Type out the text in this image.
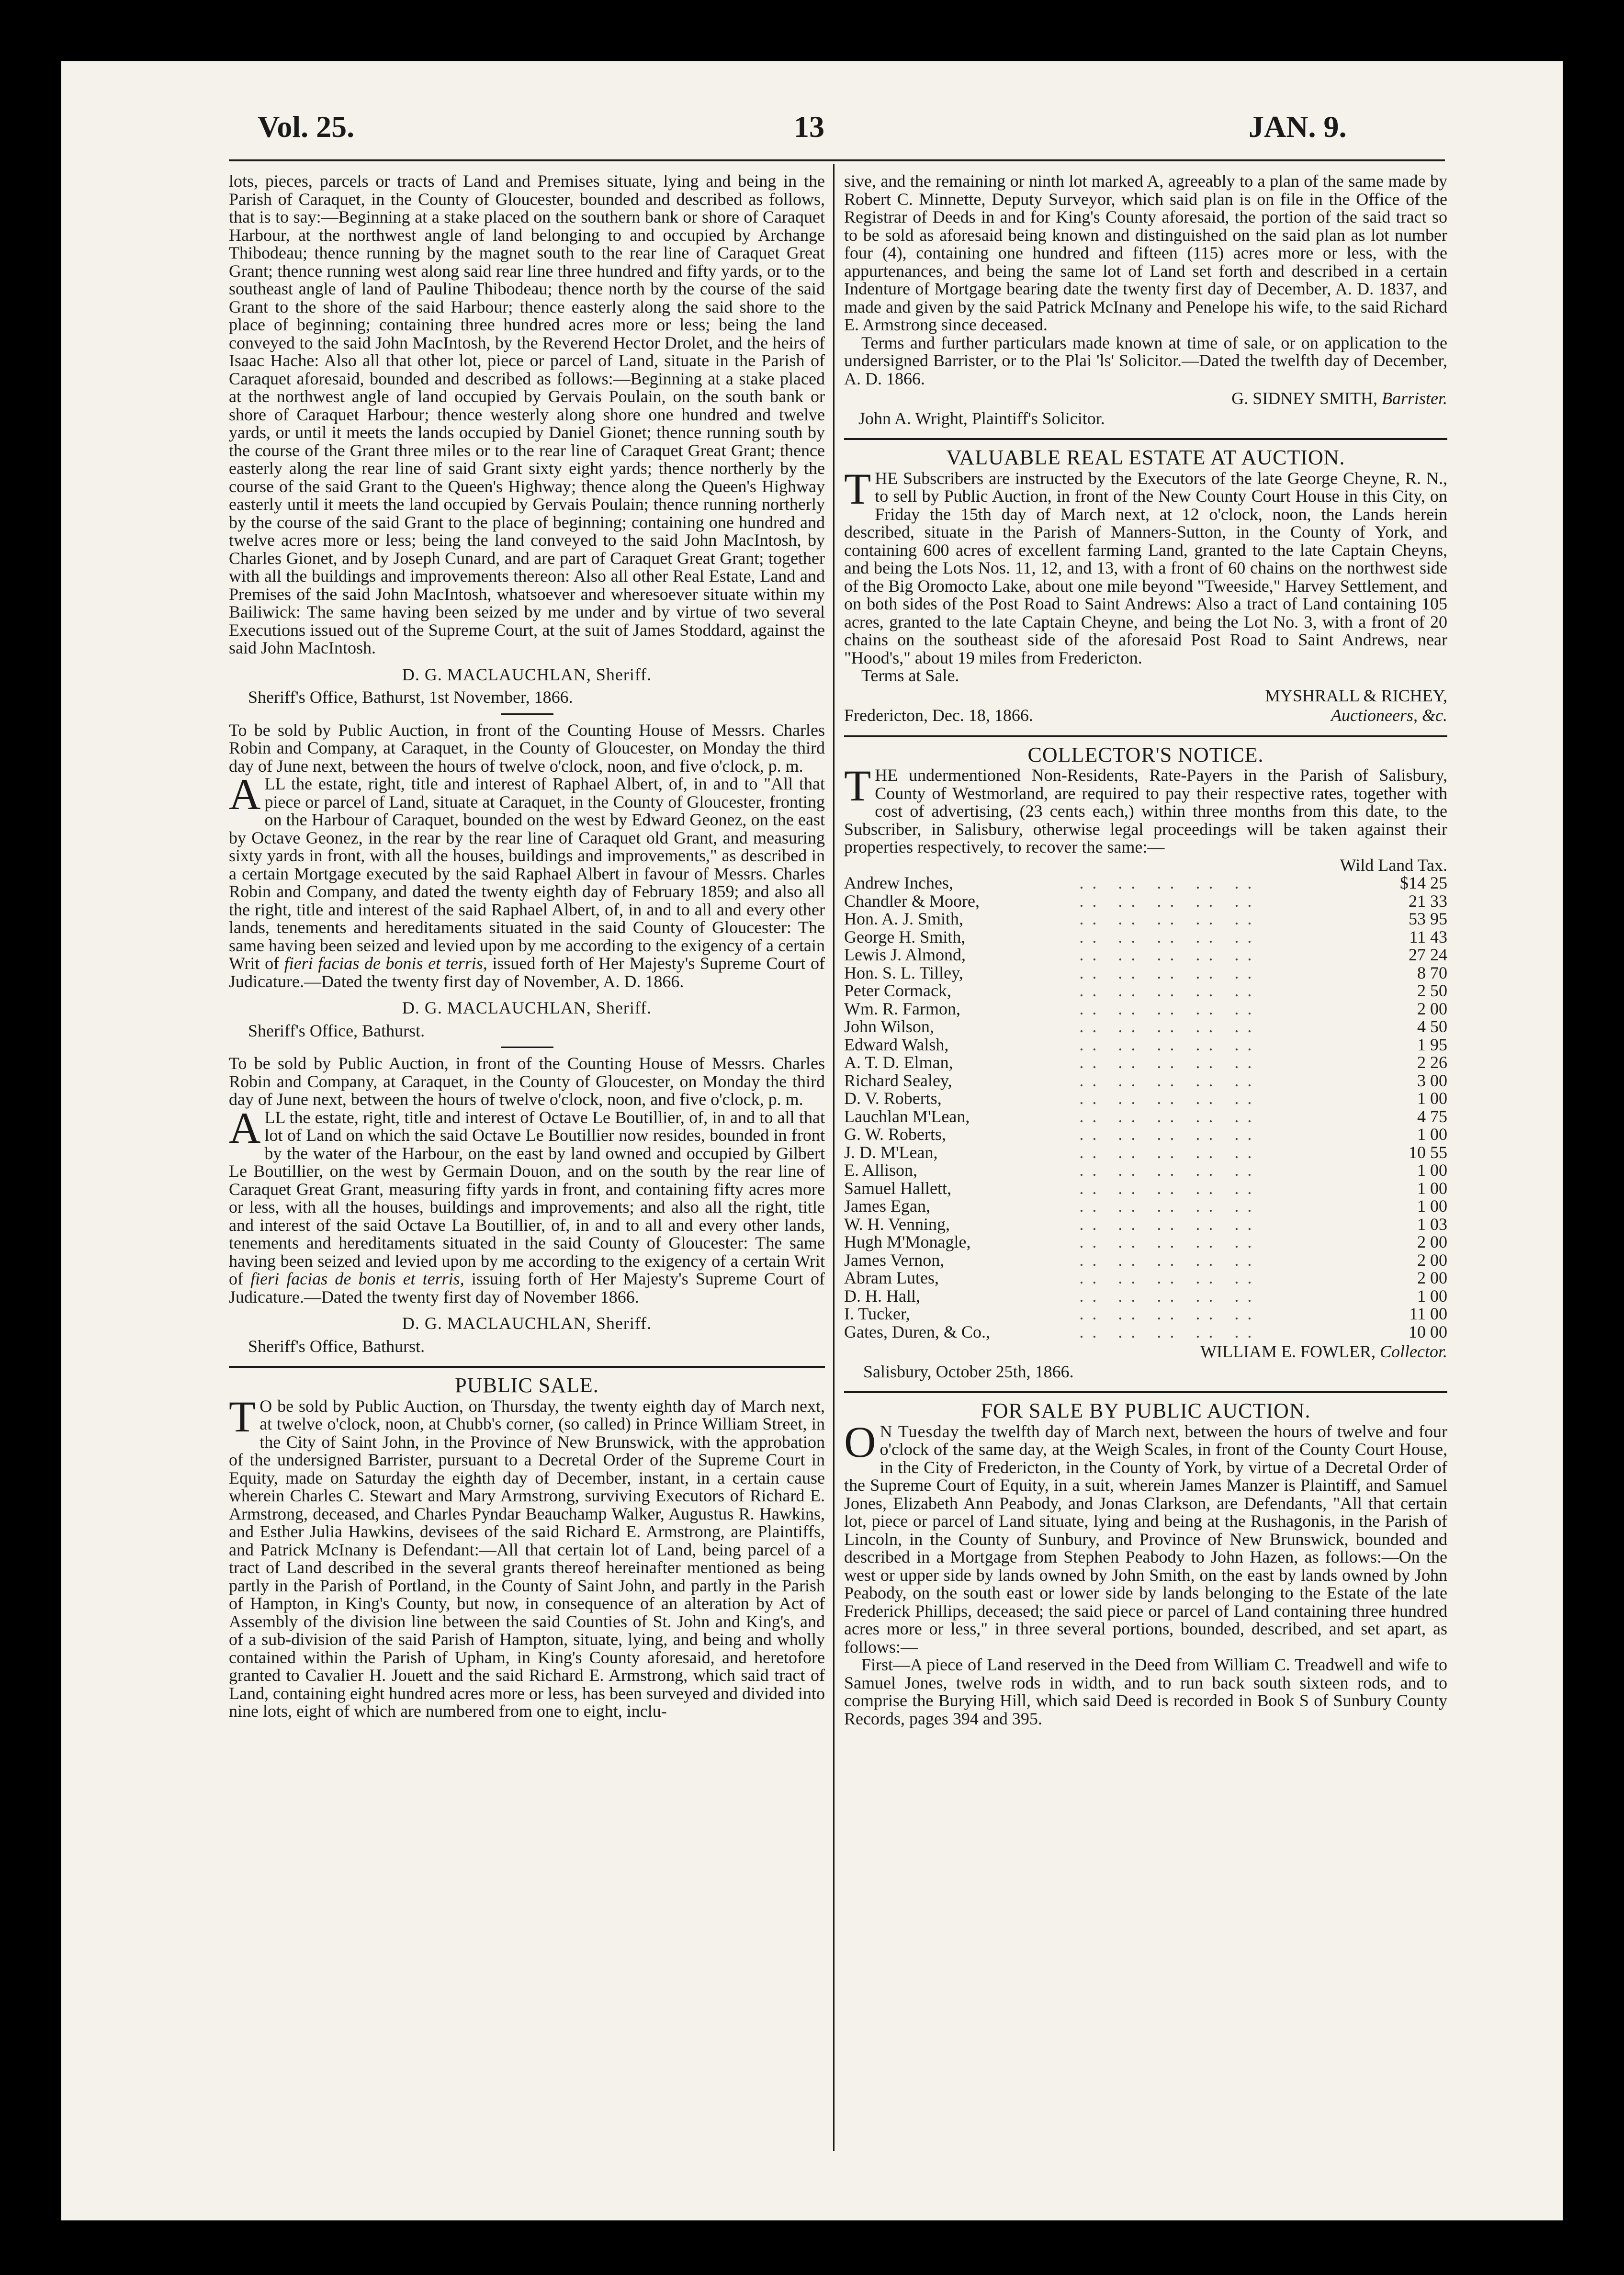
Vol. 25.	13	JAN. 9.

lots, pieces, parcels or tracts of Land and Premises situate, lying and being in the Parish of Caraquet, in the County of Gloucester, bounded and described as follows, that is to say:—Beginning at a stake placed on the southern bank or shore of Caraquet Harbour, at the northwest angle of land belonging to and occupied by Archange Thibodeau; thence running by the magnet south to the rear line of Caraquet Great Grant; thence running west along said rear line three hundred and fifty yards, or to the southeast angle of land of Pauline Thibodeau; thence north by the course of the said Grant to the shore of the said Harbour; thence easterly along the said shore to the place of beginning; containing three hundred acres more or less; being the land conveyed to the said John MacIntosh, by the Reverend Hector Drolet, and the heirs of Isaac Hache: Also all that other lot, piece or parcel of Land, situate in the Parish of Caraquet aforesaid, bounded and described as follows:—Beginning at a stake placed at the northwest angle of land occupied by Gervais Poulain, on the south bank or shore of Caraquet Harbour; thence westerly along shore one hundred and twelve yards, or until it meets the lands occupied by Daniel Gionet; thence running south by the course of the Grant three miles or to the rear line of Caraquet Great Grant; thence easterly along the rear line of said Grant sixty eight yards; thence northerly by the course of the said Grant to the Queen's Highway; thence along the Queen's Highway easterly until it meets the land occupied by Gervais Poulain; thence running northerly by the course of the said Grant to the place of beginning; containing one hundred and twelve acres more or less; being the land conveyed to the said John MacIntosh, by Charles Gionet, and by Joseph Cunard, and are part of Caraquet Great Grant; together with all the buildings and improvements thereon: Also all other Real Estate, Land and Premises of the said John MacIntosh, whatsoever and wheresoever situate within my Bailiwick: The same having been seized by me under and by virtue of two several Executions issued out of the Supreme Court, at the suit of James Stoddard, against the said John MacIntosh.

D. G. MACLAUCHLAN, Sheriff.

Sheriff's Office, Bathurst, 1st November, 1866.

To be sold by Public Auction, in front of the Counting House of Messrs. Charles Robin and Company, at Caraquet, in the County of Gloucester, on Monday the third day of June next, between the hours of twelve o'clock, noon, and five o'clock, p. m.

ALL the estate, right, title and interest of Raphael Albert, of, in and to "All that piece or parcel of Land, situate at Caraquet, in the County of Gloucester, fronting on the Harbour of Caraquet, bounded on the west by Edward Geonez, on the east by Octave Geonez, in the rear by the rear line of Caraquet old Grant, and measuring sixty yards in front, with all the houses, buildings and improvements," as described in a certain Mortgage executed by the said Raphael Albert in favour of Messrs. Charles Robin and Company, and dated the twenty eighth day of February 1859; and also all the right, title and interest of the said Raphael Albert, of, in and to all and every other lands, tenements and hereditaments situated in the said County of Gloucester: The same having been seized and levied upon by me according to the exigency of a certain Writ of fieri facias de bonis et terris, issued forth of Her Majesty's Supreme Court of Judicature.—Dated the twenty first day of November, A. D. 1866.

D. G. MACLAUCHLAN, Sheriff.

Sheriff's Office, Bathurst.

To be sold by Public Auction, in front of the Counting House of Messrs. Charles Robin and Company, at Caraquet, in the County of Gloucester, on Monday the third day of June next, between the hours of twelve o'clock, noon, and five o'clock, p. m.

ALL the estate, right, title and interest of Octave Le Boutillier, of, in and to all that lot of Land on which the said Octave Le Boutillier now resides, bounded in front by the water of the Harbour, on the east by land owned and occupied by Gilbert Le Boutillier, on the west by Germain Douon, and on the south by the rear line of Caraquet Great Grant, measuring fifty yards in front, and containing fifty acres more or less, with all the houses, buildings and improvements; and also all the right, title and interest of the said Octave La Boutillier, of, in and to all and every other lands, tenements and hereditaments situated in the said County of Gloucester: The same having been seized and levied upon by me according to the exigency of a certain Writ of fieri facias de bonis et terris, issuing forth of Her Majesty's Supreme Court of Judicature.—Dated the twenty first day of November 1866.

D. G. MACLAUCHLAN, Sheriff.

Sheriff's Office, Bathurst.

PUBLIC SALE.

T O be sold by Public Auction, on Thursday, the twenty eighth day of March next, at twelve o'clock, noon, at Chubb's corner, (so called) in Prince William Street, in the City of Saint John, in the Province of New Brunswick, with the approbation of the undersigned Barrister, pursuant to a Decretal Order of the Supreme Court in Equity, made on Saturday the eighth day of December, instant, in a certain cause wherein Charles C. Stewart and Mary Armstrong, surviving Executors of Richard E. Armstrong, deceased, and Charles Pyndar Beauchamp Walker, Augustus R. Hawkins, and Esther Julia Hawkins, devisees of the said Richard E. Armstrong, are Plaintiffs, and Patrick McInany is Defendant:—All that certain lot of Land, being parcel of a tract of Land described in the several grants thereof hereinafter mentioned as being partly in the Parish of Portland, in the County of Saint John, and partly in the Parish of Hampton, in King's County, but now, in consequence of an alteration by Act of Assembly of the division line between the said Counties of St. John and King's, and of a sub-division of the said Parish of Hampton, situate, lying, and being and wholly contained within the Parish of Upham, in King's County aforesaid, and heretofore granted to Cavalier H. Jouett and the said Richard E. Armstrong, which said tract of Land, containing eight hundred acres more or less, has been surveyed and divided into nine lots, eight of which are numbered from one to eight, inclu-

sive, and the remaining or ninth lot marked A, agreeably to a plan of the same made by Robert C. Minnette, Deputy Surveyor, which said plan is on file in the Office of the Registrar of Deeds in and for King's County aforesaid, the portion of the said tract so to be sold as aforesaid being known and distinguished on the said plan as lot number four (4), containing one hundred and fifteen (115) acres more or less, with the appurtenances, and being the same lot of Land set forth and described in a certain Indenture of Mortgage bearing date the twenty first day of December, A. D. 1837, and made and given by the said Patrick McInany and Penelope his wife, to the said Richard E. Armstrong since deceased.

Terms and further particulars made known at time of sale, or on application to the undersigned Barrister, or to the Plai 'ls' Solicitor.—Dated the twelfth day of December, A. D. 1866.

G. SIDNEY SMITH, Barrister.

John A. Wright, Plaintiff's Solicitor.

VALUABLE REAL ESTATE AT AUCTION.

THE Subscribers are instructed by the Executors of the late George Cheyne, R. N., to sell by Public Auction, in front of the New County Court House in this City, on Friday the 15th day of March next, at 12 o'clock, noon, the Lands herein described, situate in the Parish of Manners-Sutton, in the County of York, and containing 600 acres of excellent farming Land, granted to the late Captain Cheyns, and being the Lots Nos. 11, 12, and 13, with a front of 60 chains on the northwest side of the Big Oromocto Lake, about one mile beyond "Tweeside," Harvey Settlement, and on both sides of the Post Road to Saint Andrews: Also a tract of Land containing 105 acres, granted to the late Captain Cheyne, and being the Lot No. 3, with a front of 20 chains on the southeast side of the aforesaid Post Road to Saint Andrews, near "Hood's," about 19 miles from Fredericton.

Terms at Sale.

MYSHRALL & RICHEY,

Fredericton, Dec. 18, 1866.	Auctioneers, &c.

COLLECTOR'S NOTICE.

THE undermentioned Non-Residents, Rate-Payers in the Parish of Salisbury, County of Westmorland, are required to pay their respective rates, together with cost of advertising, (23 cents each,) within three months from this date, to the Subscriber, in Salisbury, otherwise legal proceedings will be taken against their properties respectively, to recover the same:—

Wild Land Tax.

Andrew Inches,	.. .. .. .. ..	$14 25
Chandler & Moore,	.. .. .. .. ..	21 33
Hon. A. J. Smith,	.. .. .. .. ..	53 95
George H. Smith,	.. .. .. .. ..	11 43
Lewis J. Almond,	.. .. .. .. ..	27 24
Hon. S. L. Tilley,	.. .. .. .. ..	8 70
Peter Cormack,	.. .. .. .. ..	2 50
Wm. R. Farmon,	.. .. .. .. ..	2 00
John Wilson,	.. .. .. .. ..	4 50
Edward Walsh,	.. .. .. .. ..	1 95
A. T. D. Elman,	.. .. .. .. ..	2 26
Richard Sealey,	.. .. .. .. ..	3 00
D. V. Roberts,	.. .. .. .. ..	1 00
Lauchlan M'Lean,	.. .. .. .. ..	4 75
G. W. Roberts,	.. .. .. .. ..	1 00
J. D. M'Lean,	.. .. .. .. ..	10 55
E. Allison,	.. .. .. .. ..	1 00
Samuel Hallett,	.. .. .. .. ..	1 00
James Egan,	.. .. .. .. ..	1 00
W. H. Venning,	.. .. .. .. ..	1 03
Hugh M'Monagle,	.. .. .. .. ..	2 00
James Vernon,	.. .. .. .. ..	2 00
Abram Lutes,	.. .. .. .. ..	2 00
D. H. Hall,	.. .. .. .. ..	1 00
I. Tucker,	.. .. .. .. ..	11 00
Gates, Duren, & Co.,	.. .. .. .. ..	10 00

WILLIAM E. FOWLER, Collector.

Salisbury, October 25th, 1866.

FOR SALE BY PUBLIC AUCTION.

O N Tuesday the twelfth day of March next, between the hours of twelve and four o'clock of the same day, at the Weigh Scales, in front of the County Court House, in the City of Fredericton, in the County of York, by virtue of a Decretal Order of the Supreme Court of Equity, in a suit, wherein James Manzer is Plaintiff, and Samuel Jones, Elizabeth Ann Peabody, and Jonas Clarkson, are Defendants, "All that certain lot, piece or parcel of Land situate, lying and being at the Rushagonis, in the Parish of Lincoln, in the County of Sunbury, and Province of New Brunswick, bounded and described in a Mortgage from Stephen Peabody to John Hazen, as follows:—On the west or upper side by lands owned by John Smith, on the east by lands owned by John Peabody, on the south east or lower side by lands belonging to the Estate of the late Frederick Phillips, deceased; the said piece or parcel of Land containing three hundred acres more or less," in three several portions, bounded, described, and set apart, as follows:—

First—A piece of Land reserved in the Deed from William C. Treadwell and wife to Samuel Jones, twelve rods in width, and to run back south sixteen rods, and to comprise the Burying Hill, which said Deed is recorded in Book S of Sunbury County Records, pages 394 and 395.
